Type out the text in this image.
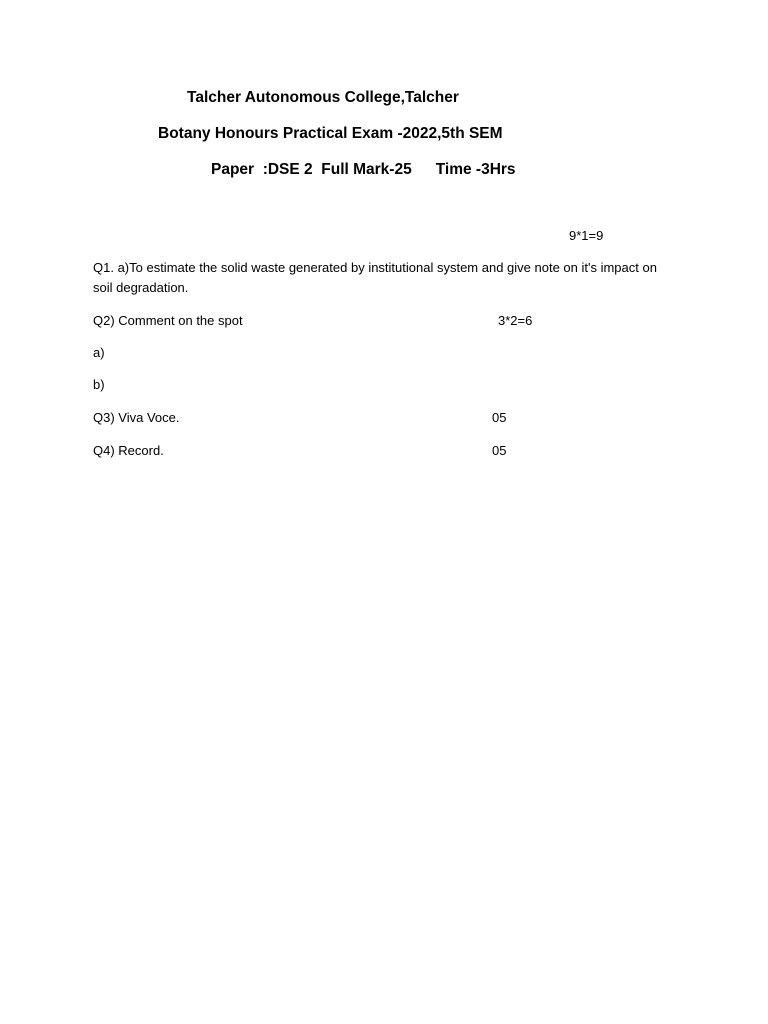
Talcher Autonomous College,Talcher
Botany Honours Practical Exam -2022,5th SEM
Paper  :DSE 2  Full Mark-25 Time -3Hrs
9*1=9
Q1. a)To estimate the solid waste generated by institutional system and give note on it's impact on soil degradation.
Q2) Comment on the spot	3*2=6
a)
b)
Q3) Viva Voce.	05
Q4) Record.	05
